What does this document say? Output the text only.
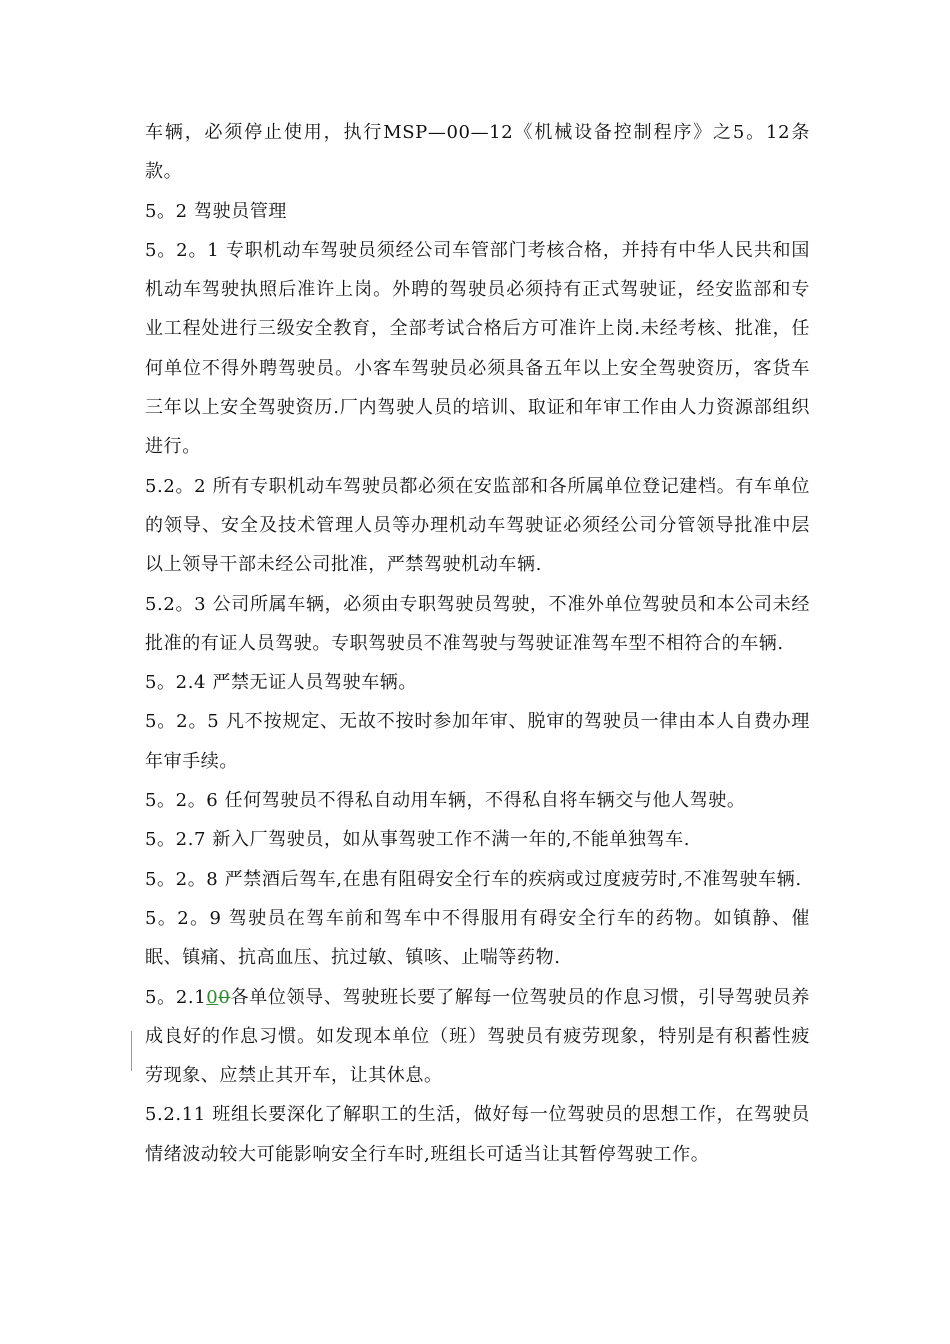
车辆，必须停止使用，执行MSP—00—12《机械设备控制程序》之5。12条款。

5。2 驾驶员管理

5。2。1 专职机动车驾驶员须经公司车管部门考核合格，并持有中华人民共和国机动车驾驶执照后准许上岗。外聘的驾驶员必须持有正式驾驶证，经安监部和专业工程处进行三级安全教育，全部考试合格后方可准许上岗.未经考核、批准，任何单位不得外聘驾驶员。小客车驾驶员必须具备五年以上安全驾驶资历，客货车三年以上安全驾驶资历.厂内驾驶人员的培训、取证和年审工作由人力资源部组织进行。

5.2。2 所有专职机动车驾驶员都必须在安监部和各所属单位登记建档。有车单位的领导、安全及技术管理人员等办理机动车驾驶证必须经公司分管领导批准中层以上领导干部未经公司批准，严禁驾驶机动车辆.

5.2。3 公司所属车辆，必须由专职驾驶员驾驶，不准外单位驾驶员和本公司未经批准的有证人员驾驶。专职驾驶员不准驾驶与驾驶证准驾车型不相符合的车辆.

5。2.4 严禁无证人员驾驶车辆。

5。2。5 凡不按规定、无故不按时参加年审、脱审的驾驶员一律由本人自费办理年审手续。

5。2。6 任何驾驶员不得私自动用车辆，不得私自将车辆交与他人驾驶。

5。2.7 新入厂驾驶员，如从事驾驶工作不满一年的,不能单独驾车.

5。2。8 严禁酒后驾车,在患有阻碍安全行车的疾病或过度疲劳时,不准驾驶车辆.

5。2。9 驾驶员在驾车前和驾车中不得服用有碍安全行车的药物。如镇静、催眠、镇痛、抗高血压、抗过敏、镇咳、止喘等药物.

5。2.100各单位领导、驾驶班长要了解每一位驾驶员的作息习惯，引导驾驶员养成良好的作息习惯。如发现本单位（班）驾驶员有疲劳现象，特别是有积蓄性疲劳现象、应禁止其开车，让其休息。

5.2.11 班组长要深化了解职工的生活，做好每一位驾驶员的思想工作，在驾驶员情绪波动较大可能影响安全行车时,班组长可适当让其暂停驾驶工作。
